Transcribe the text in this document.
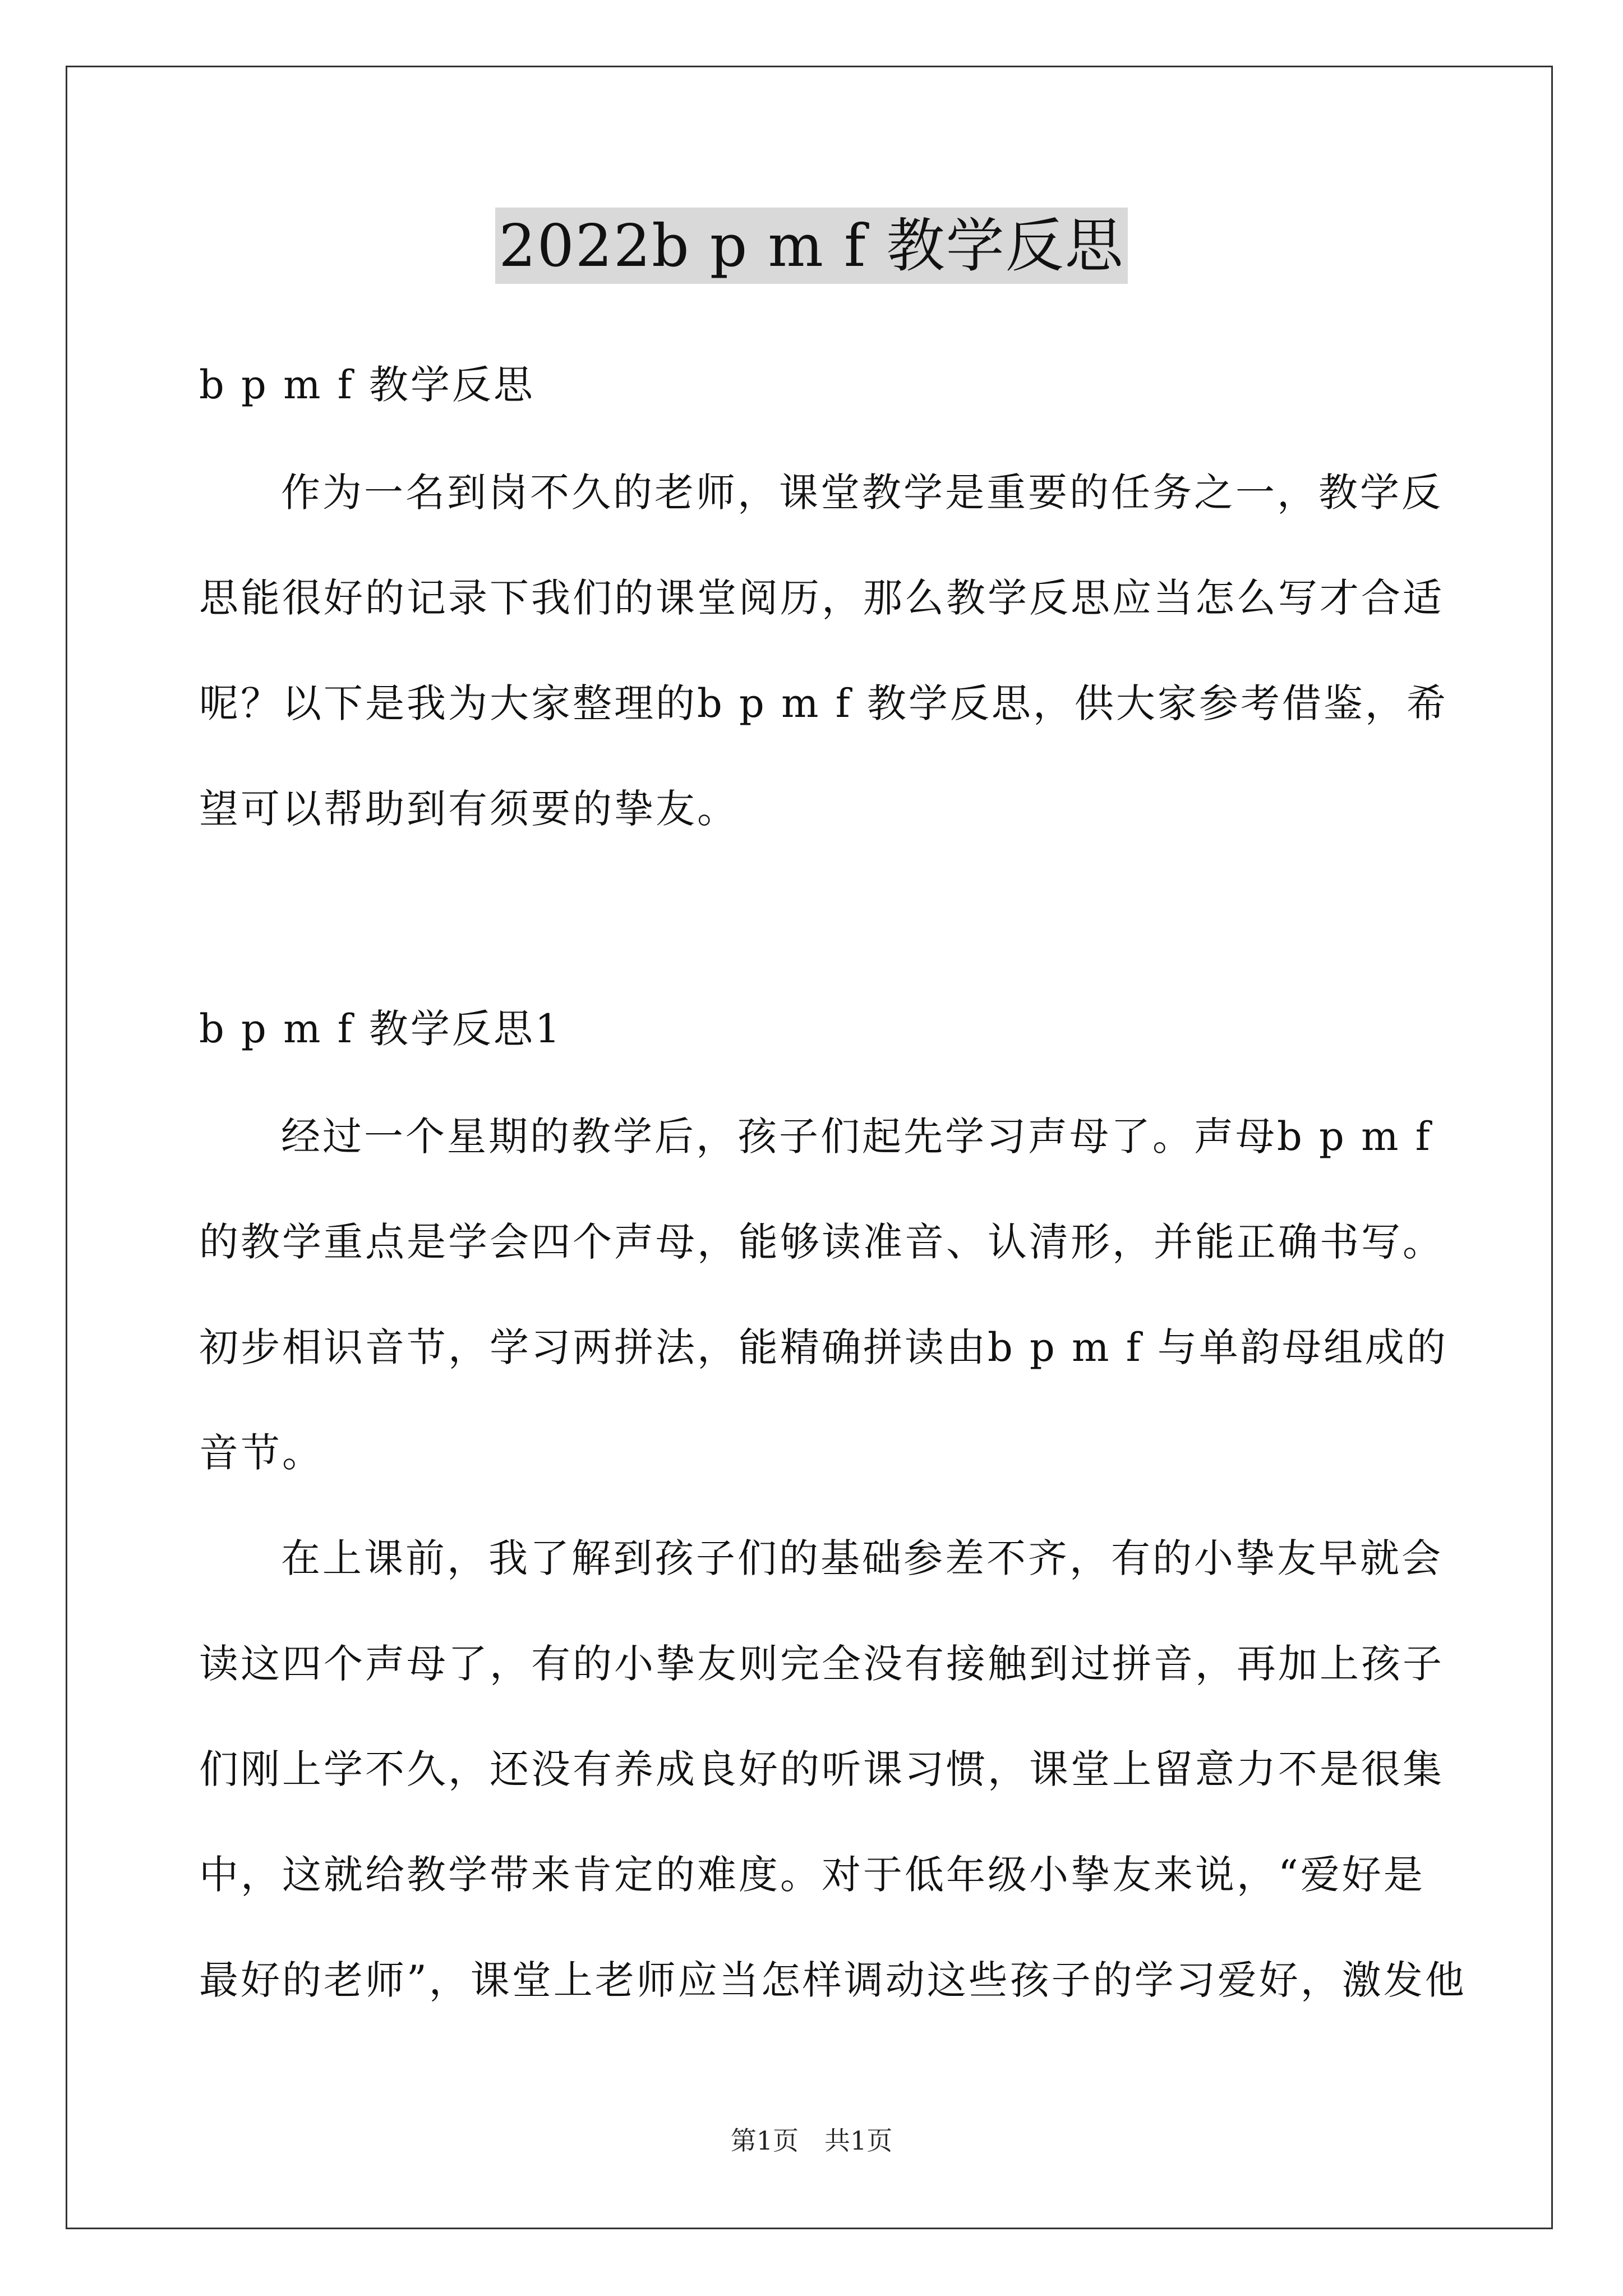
2022b p m f 教学反思
b p m f 教学反思
作为一名到岗不久的老师，课堂教学是重要的任务之一，教学反
思能很好的记录下我们的课堂阅历，那么教学反思应当怎么写才合适
呢？以下是我为大家整理的b p m f 教学反思，供大家参考借鉴，希
望可以帮助到有须要的挚友。
b p m f 教学反思1
经过一个星期的教学后，孩子们起先学习声母了。声母b p m f
的教学重点是学会四个声母，能够读准音、认清形，并能正确书写。
初步相识音节，学习两拼法，能精确拼读由b p m f 与单韵母组成的
音节。
在上课前，我了解到孩子们的基础参差不齐，有的小挚友早就会
读这四个声母了，有的小挚友则完全没有接触到过拼音，再加上孩子
们刚上学不久，还没有养成良好的听课习惯，课堂上留意力不是很集
中，这就给教学带来肯定的难度。对于低年级小挚友来说，“爱好是
最好的老师”，课堂上老师应当怎样调动这些孩子的学习爱好，激发他
第1页　共1页
